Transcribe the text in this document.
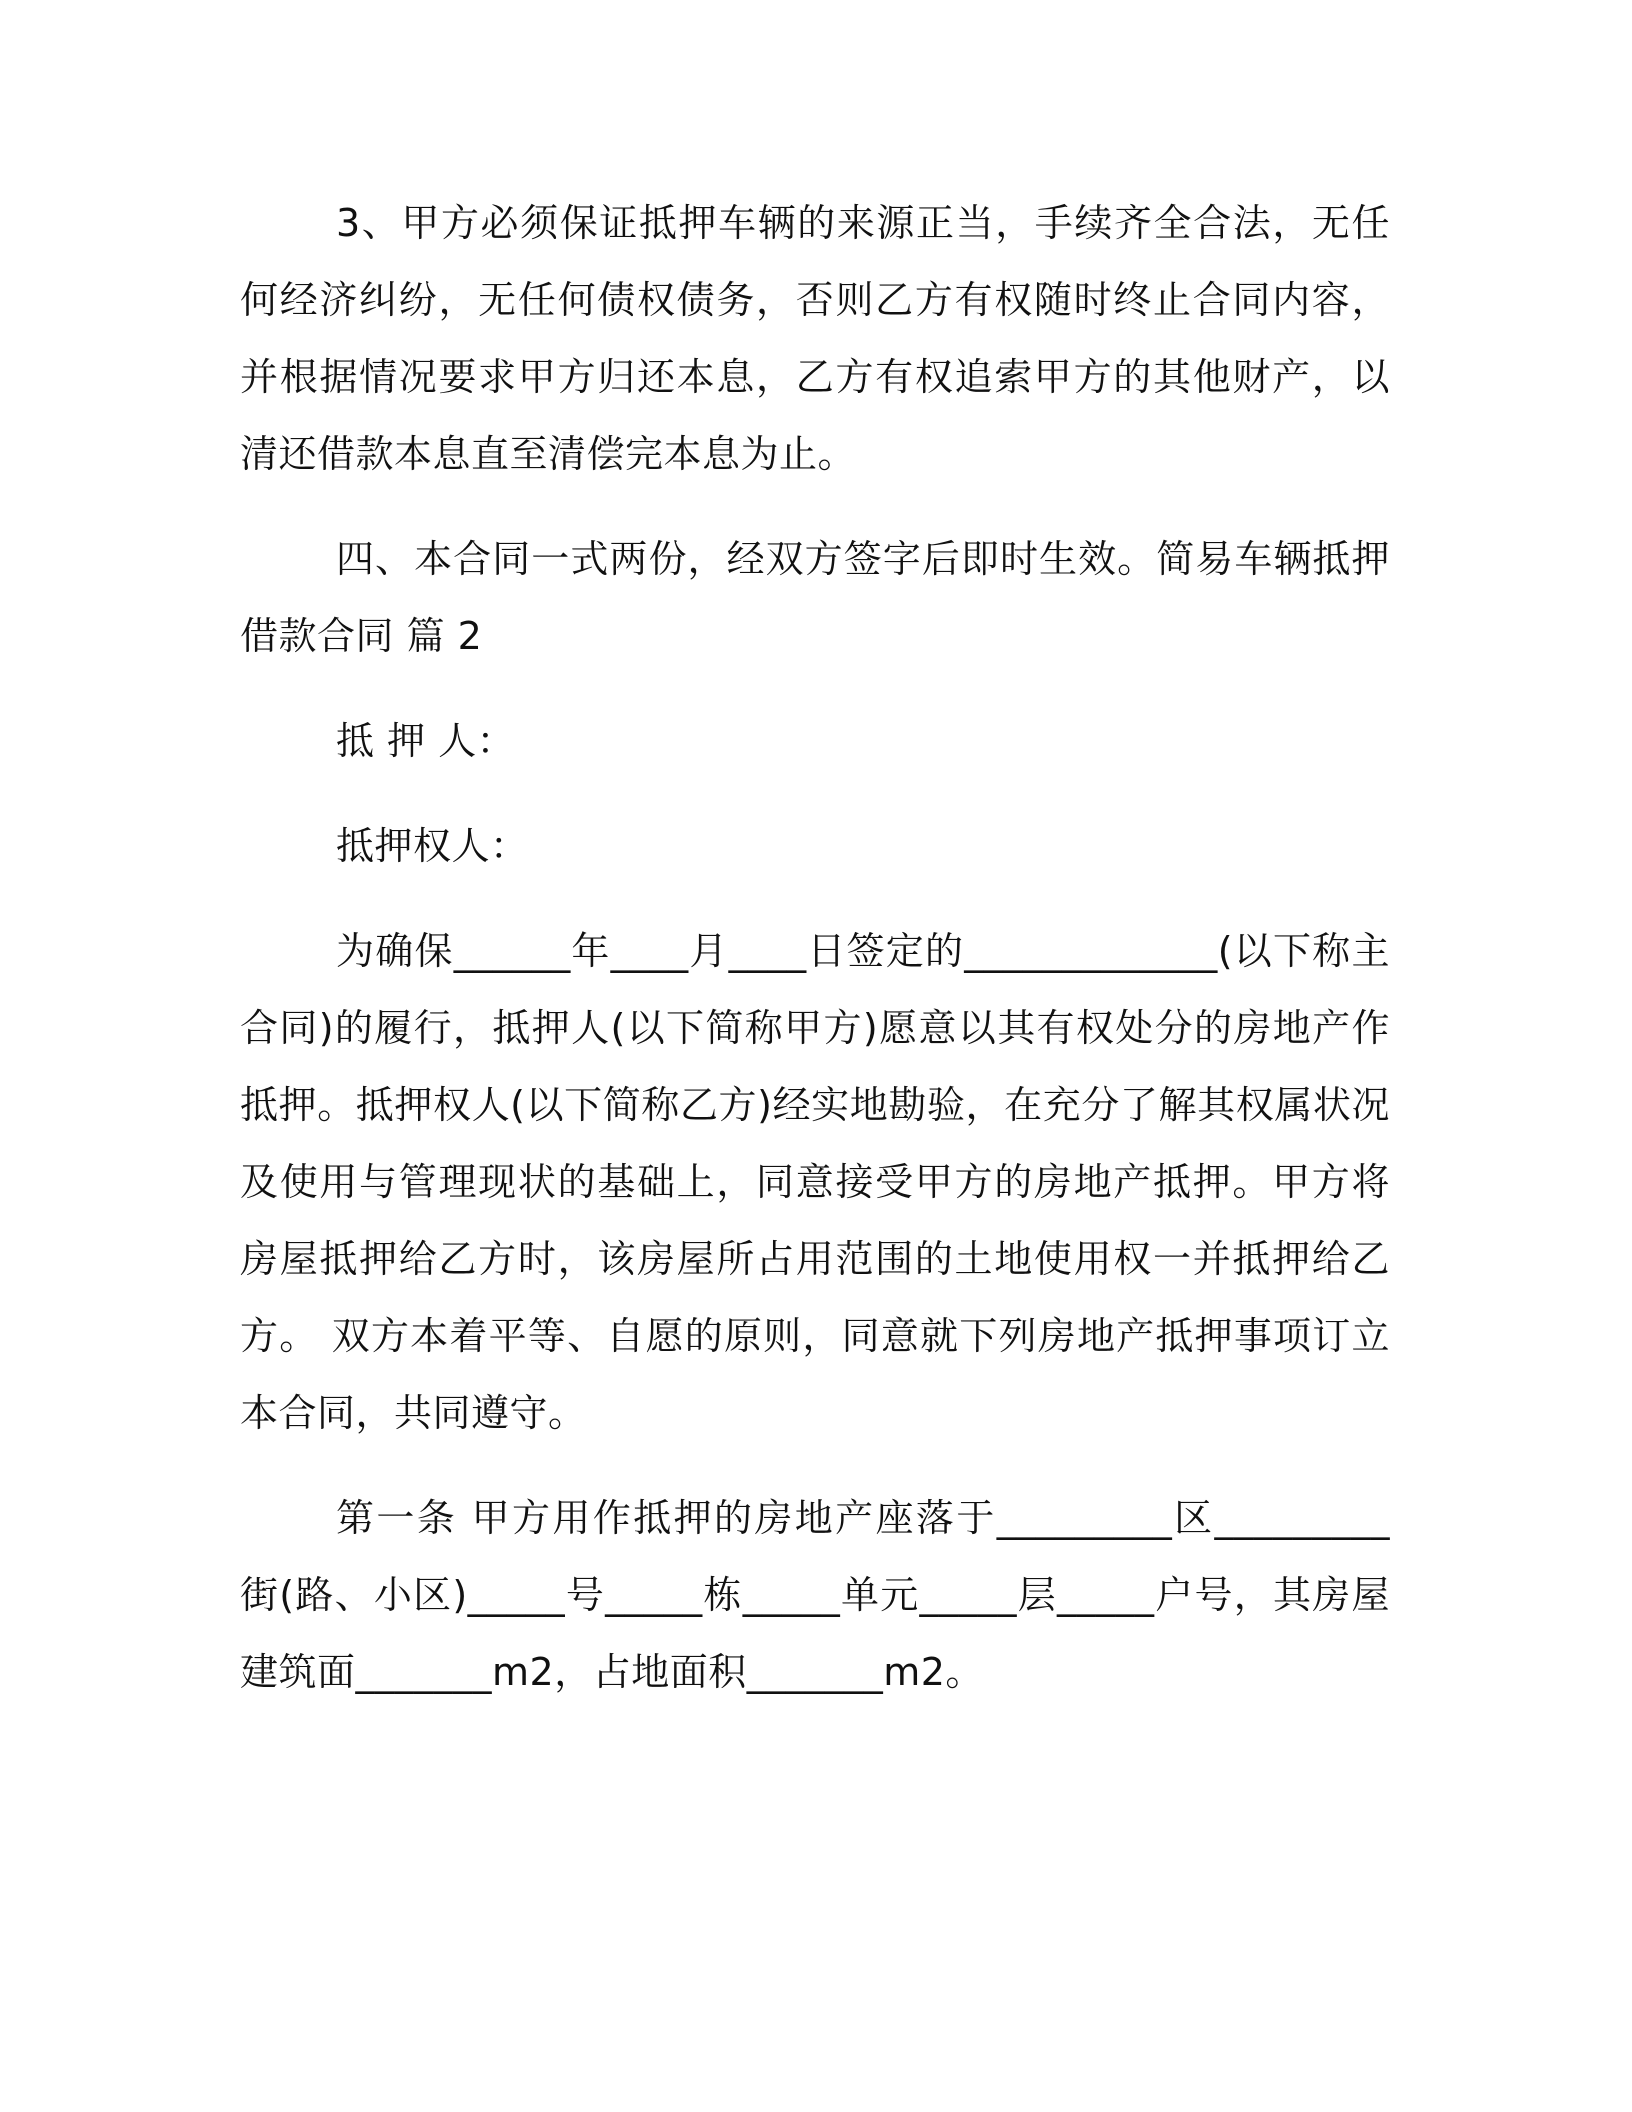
3、甲方必须保证抵押车辆的来源正当，手续齐全合法，无任何经济纠纷，无任何债权债务，否则乙方有权随时终止合同内容，并根据情况要求甲方归还本息，乙方有权追索甲方的其他财产，以清还借款本息直至清偿完本息为止。

四、本合同一式两份，经双方签字后即时生效。简易车辆抵押借款合同 篇 2

抵 押 人：

抵押权人：

为确保______年____月____日签定的_____________(以下称主合同)的履行，抵押人(以下简称甲方)愿意以其有权处分的房地产作抵押。抵押权人(以下简称乙方)经实地勘验，在充分了解其权属状况及使用与管理现状的基础上，同意接受甲方的房地产抵押。甲方将房屋抵押给乙方时，该房屋所占用范围的土地使用权一并抵押给乙方。 双方本着平等、自愿的原则，同意就下列房地产抵押事项订立本合同，共同遵守。

第一条 甲方用作抵押的房地产座落于_________区_________街(路、小区)_____号_____栋_____单元_____层_____户号，其房屋建筑面_______m2，占地面积_______m2。
